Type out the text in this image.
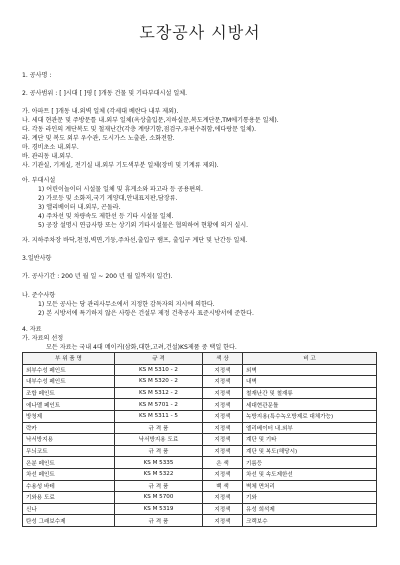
도장공사 시방서
1. 공사명 :
2. 공사범위 : [ ]시대 [ ]평 [ ]개동 건물 및 기타부대시설 일체.
가. 아파트 [ ]개동 내.외벽 일체 (각세대 베란다 내부 제외).
나. 세대 현관문 및 주방문틀 내.외부 일체(옥상출입문,지하실문,복도계단문,TM에기통용문 일체).
다. 각동 라인의 계단복도 및 철재난간(각층 계량기함,점검구,우편수취함,에다랑문 일체).
라. 계단 및 복도 외부 우수관, 도시가스 노출관, 소화전함.
마. 경비초소 내.외부.
바. 관리동 내.외부.
사. 기관실, 기계실, 전기실 내.외부 기도색부분 일체(장비 및 기계류 제외).
아. 부대시설
1) 어린이놀이터 시설물 일체 및 휴게소와 파고라 등 공용편의.
2) 가로등 및 소화저,국기 게양대,안내표지판,담장류.
3) 앨리베이터 내.외부, 곤돌라.
4) 주차선 및 차량속도 제한선 등 기타 시설물 일체.
5) 공장 설명시 연급사항 또는 상기외 기타시설물은 협의하여 현황에 의거 실시.
자. 지하주차장 바닥,천정,벽면,기둥,주차선,출입구 램프, 출입구 계단 및 난간등 일체.
3.일반사항
가. 공사기간 : 200 년 월 일 ~ 200 년 월 일까지( 일간).
나. 준수사항
1) 모든 공사는 당 관리사무소에서 지정한 감독자의 지시에 의한다.
2) 본 시방서에 특기하지 않은 사항은 건설부 제정 건축공사 표준시방서에 준한다.
4. 자료
가. 자료의 선정
모든 자료는 국내 4대 메이커(삼화,대한,고려,건설)KS제품 중 택일 한다.
부 위 품 명	규 격	색 상	비 고
외부수성 페인트	KS M 5310 - 2	지정색	외벽
내부수성 페인트	KS M 5320 - 2	지정색	내벽
조합 페인트	KS M 5312 - 2	지정색	철재난간 및 철재류
에나멜 페인트	KS M 5701 - 2	지정색	세대현관문틀
방청제	KS M 5311 - 5	지정색	녹방지용(특수녹오방제로 대체가능)
락카	규 격 품	지정색	엘리베이터 내.외부
낙서방지용	낙서방지용 도료	지정색	계단 및 기타
무늬코트	규 격 품	지정색	계단 및 복도(해당시)
은분 페인트	KS M 5335	은 색	기름등
차선 페인트	KS M 5322	지정색	차선 및 속도제한선
수용성 바테	규 격 품	백 색	벽체 면처리
기와용 도료	KS M 5700	지정색	기와
신나	KS M 5319	지정색	유성 희석제
탄성 그래보수제	규 격 품	지정색	크랙보수
